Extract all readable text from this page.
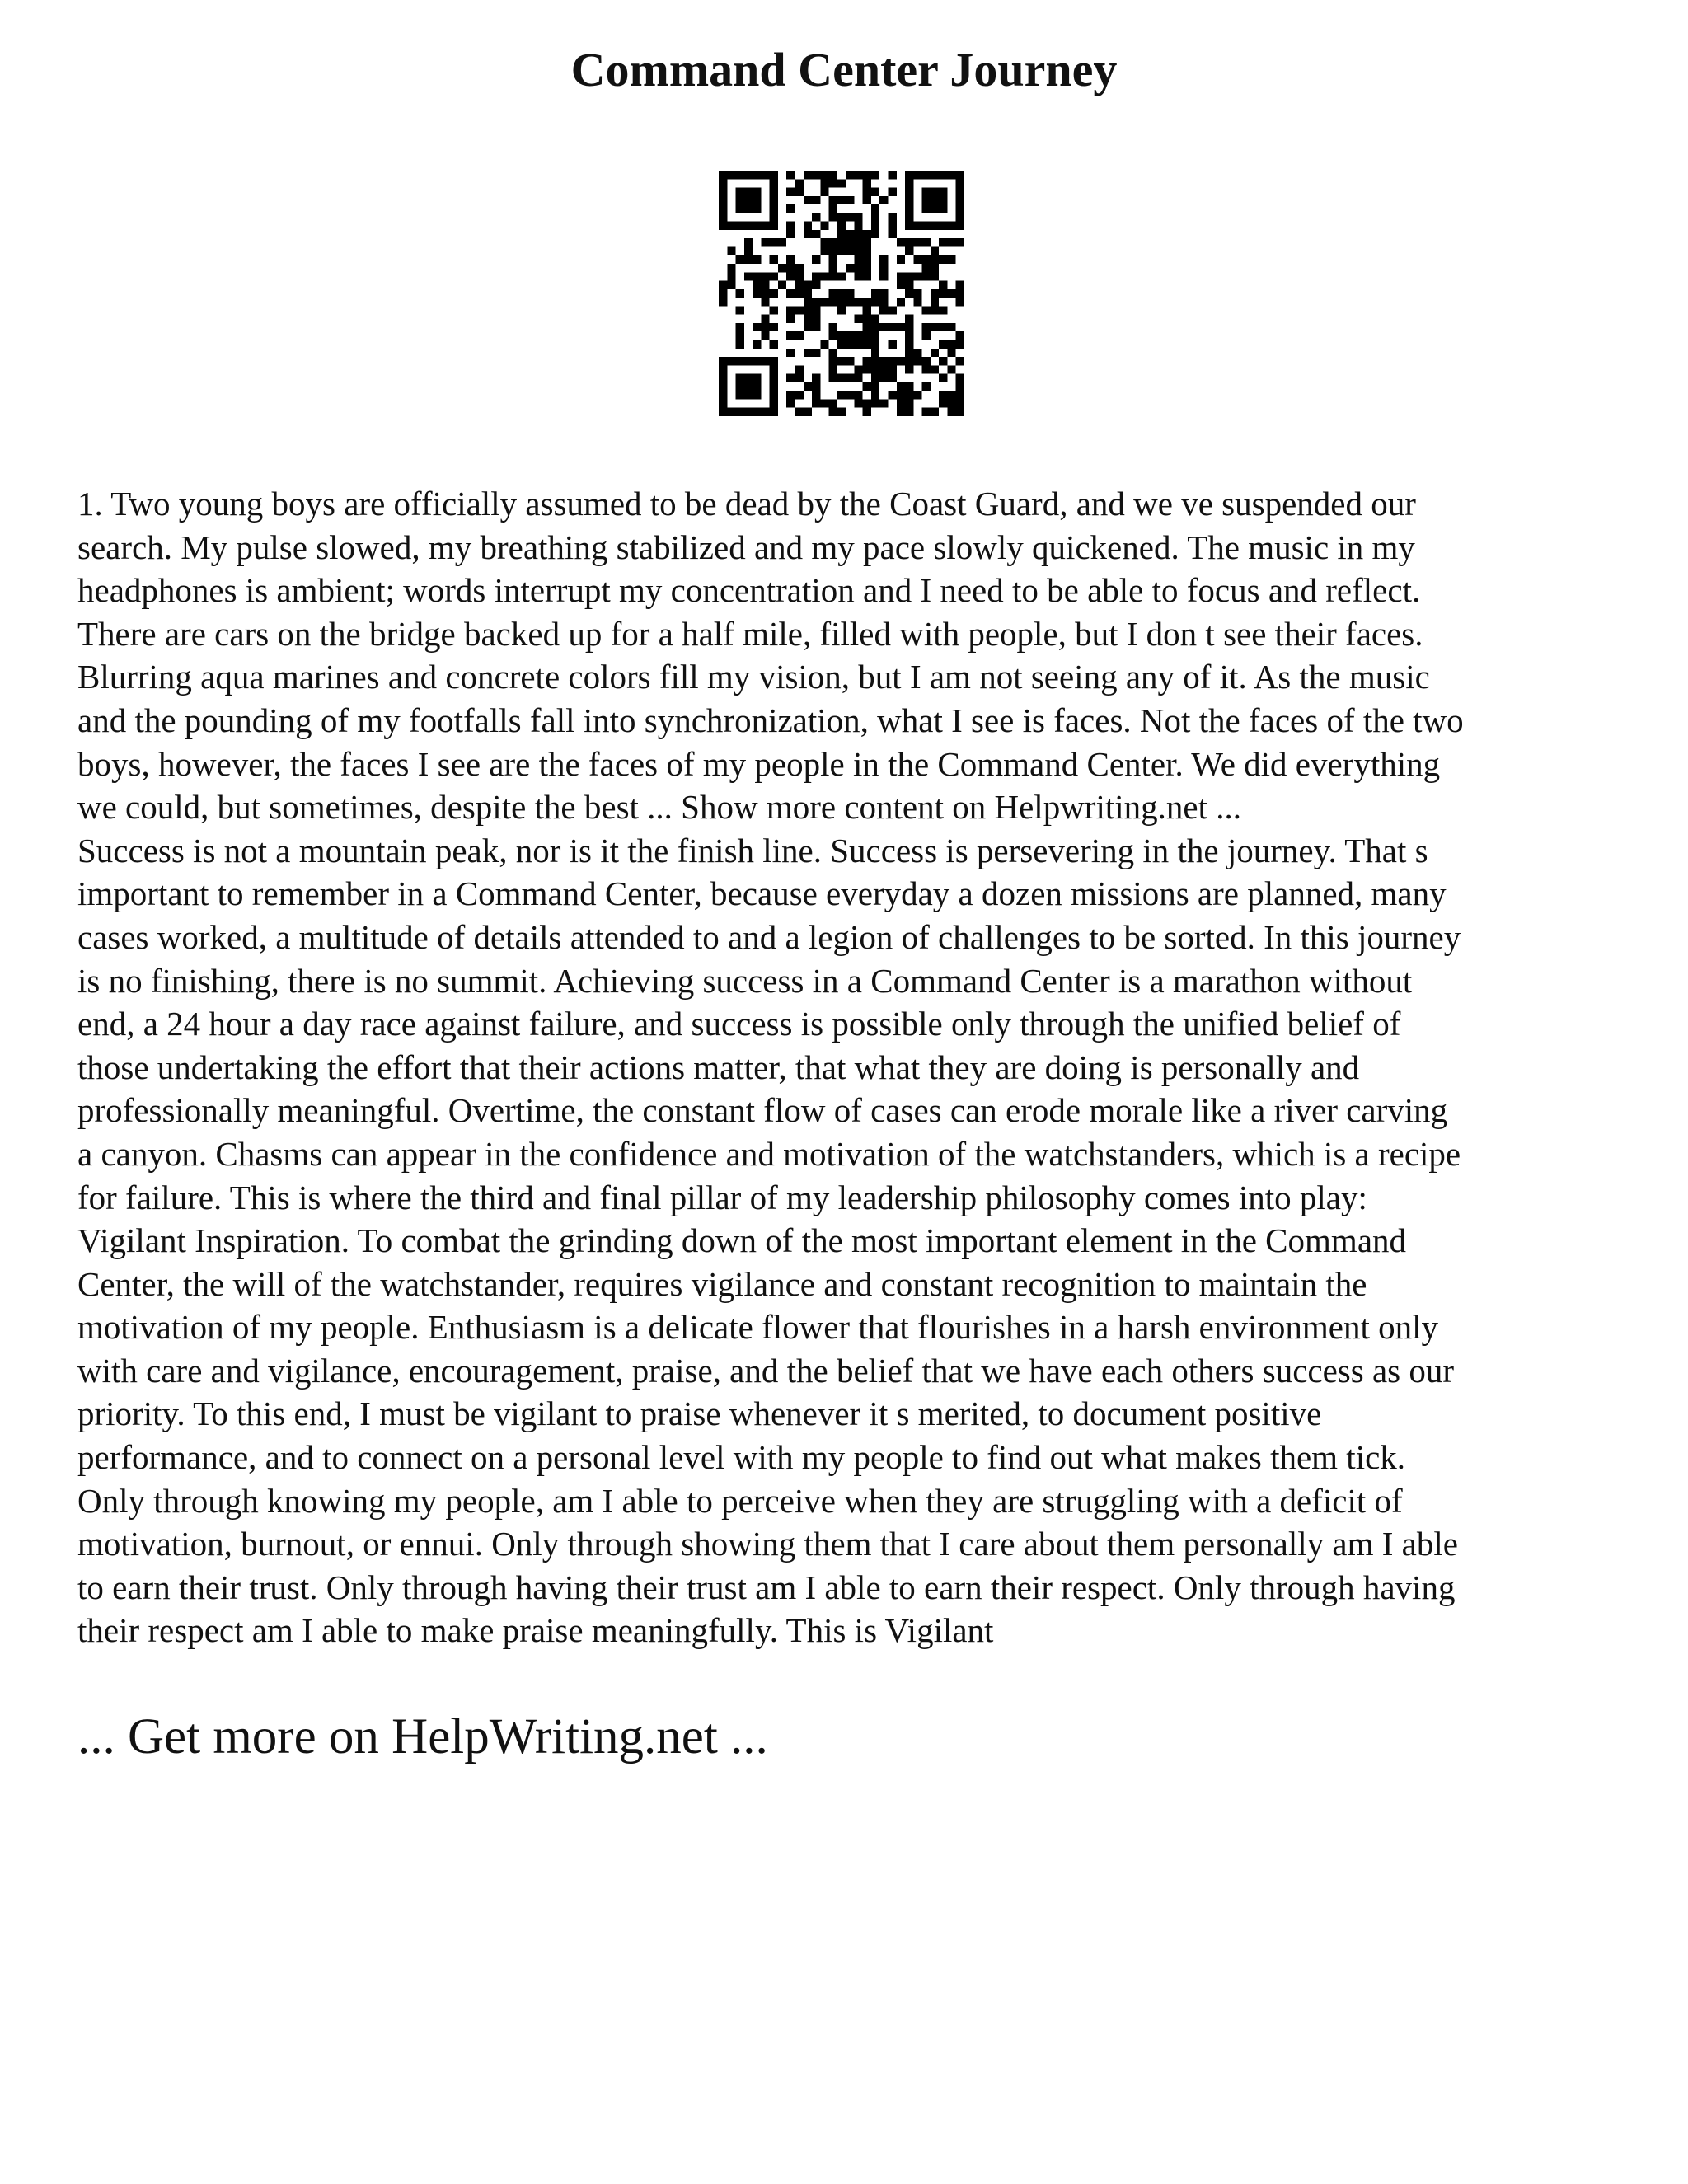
Command Center Journey
1. Two young boys are officially assumed to be dead by the Coast Guard, and we ve suspended our
search. My pulse slowed, my breathing stabilized and my pace slowly quickened. The music in my
headphones is ambient; words interrupt my concentration and I need to be able to focus and reflect.
There are cars on the bridge backed up for a half mile, filled with people, but I don t see their faces.
Blurring aqua marines and concrete colors fill my vision, but I am not seeing any of it. As the music
and the pounding of my footfalls fall into synchronization, what I see is faces. Not the faces of the two
boys, however, the faces I see are the faces of my people in the Command Center. We did everything
we could, but sometimes, despite the best ... Show more content on Helpwriting.net ...
Success is not a mountain peak, nor is it the finish line. Success is persevering in the journey. That s
important to remember in a Command Center, because everyday a dozen missions are planned, many
cases worked, a multitude of details attended to and a legion of challenges to be sorted. In this journey
is no finishing, there is no summit. Achieving success in a Command Center is a marathon without
end, a 24 hour a day race against failure, and success is possible only through the unified belief of
those undertaking the effort that their actions matter, that what they are doing is personally and
professionally meaningful. Overtime, the constant flow of cases can erode morale like a river carving
a canyon. Chasms can appear in the confidence and motivation of the watchstanders, which is a recipe
for failure. This is where the third and final pillar of my leadership philosophy comes into play:
Vigilant Inspiration. To combat the grinding down of the most important element in the Command
Center, the will of the watchstander, requires vigilance and constant recognition to maintain the
motivation of my people. Enthusiasm is a delicate flower that flourishes in a harsh environment only
with care and vigilance, encouragement, praise, and the belief that we have each others success as our
priority. To this end, I must be vigilant to praise whenever it s merited, to document positive
performance, and to connect on a personal level with my people to find out what makes them tick.
Only through knowing my people, am I able to perceive when they are struggling with a deficit of
motivation, burnout, or ennui. Only through showing them that I care about them personally am I able
to earn their trust. Only through having their trust am I able to earn their respect. Only through having
their respect am I able to make praise meaningfully. This is Vigilant
... Get more on HelpWriting.net ...
